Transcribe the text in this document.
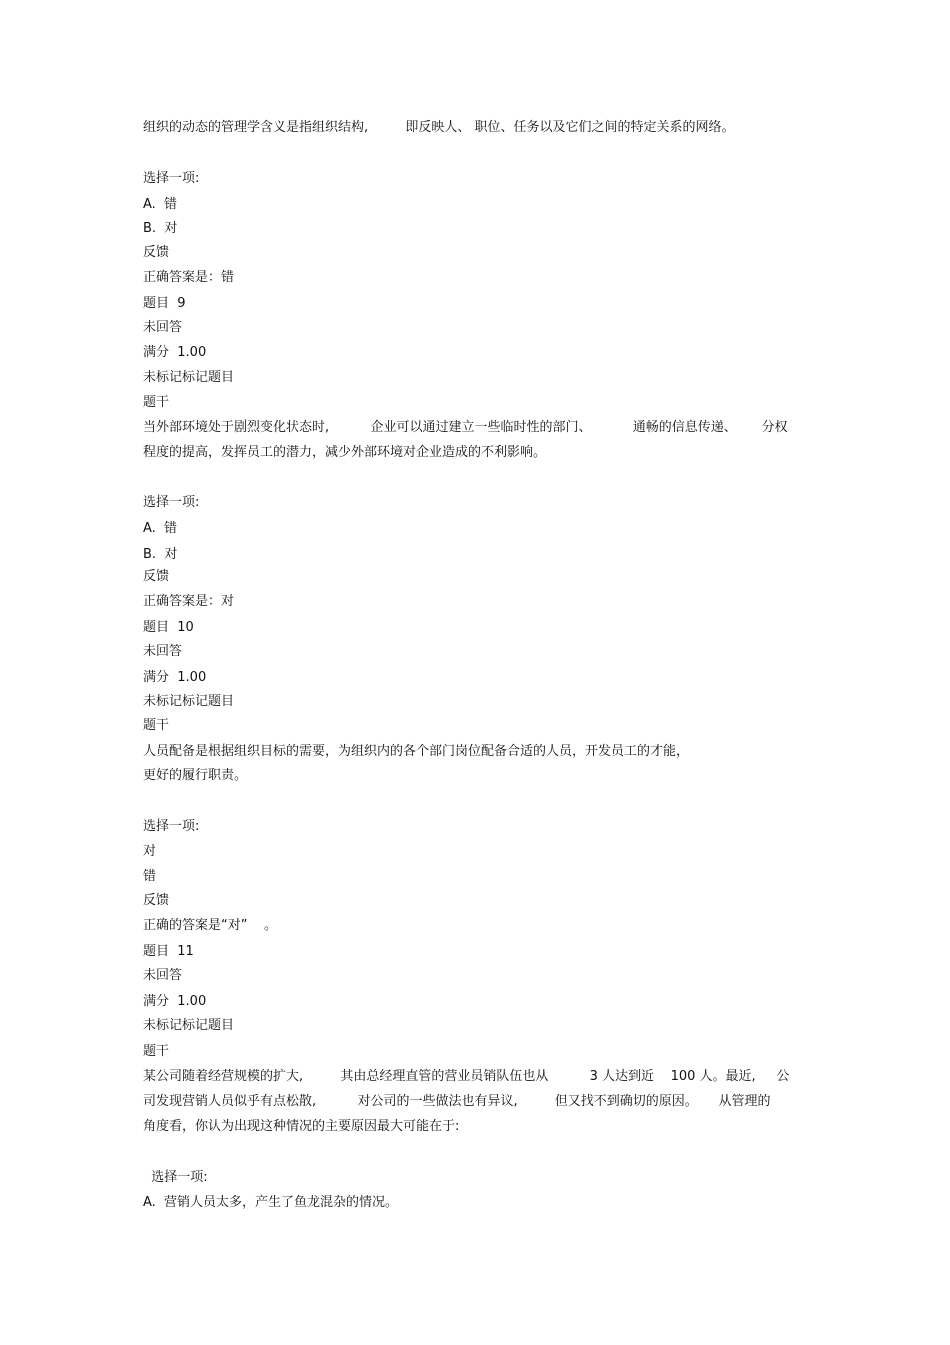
组织的动态的管理学含义是指组织结构,         即反映人、 职位、任务以及它们之间的特定关系的网络。
选择一项:
A.  错
B.  对
反馈
正确答案是：错
题目  9
未回答
满分  1.00
未标记标记题目
题干
当外部环境处于剧烈变化状态时,          企业可以通过建立一些临时性的部门、          通畅的信息传递、      分权
程度的提高，发挥员工的潜力，减少外部环境对企业造成的不利影响。
选择一项:
A.  错
B.  对
反馈
正确答案是：对
题目  10
未回答
满分  1.00
未标记标记题目
题干
人员配备是根据组织目标的需要，为组织内的各个部门岗位配备合适的人员，开发员工的才能，
更好的履行职责。
选择一项:
对
错
反馈
正确的答案是“对”    。
题目  11
未回答
满分  1.00
未标记标记题目
题干
某公司随着经营规模的扩大,         其由总经理直管的营业员销队伍也从          3 人达到近    100 人。最近,     公
司发现营销人员似乎有点松散,          对公司的一些做法也有异议,         但又找不到确切的原因。     从管理的
角度看，你认为出现这种情况的主要原因最大可能在于:
选择一项:
A.  营销人员太多，产生了鱼龙混杂的情况。
